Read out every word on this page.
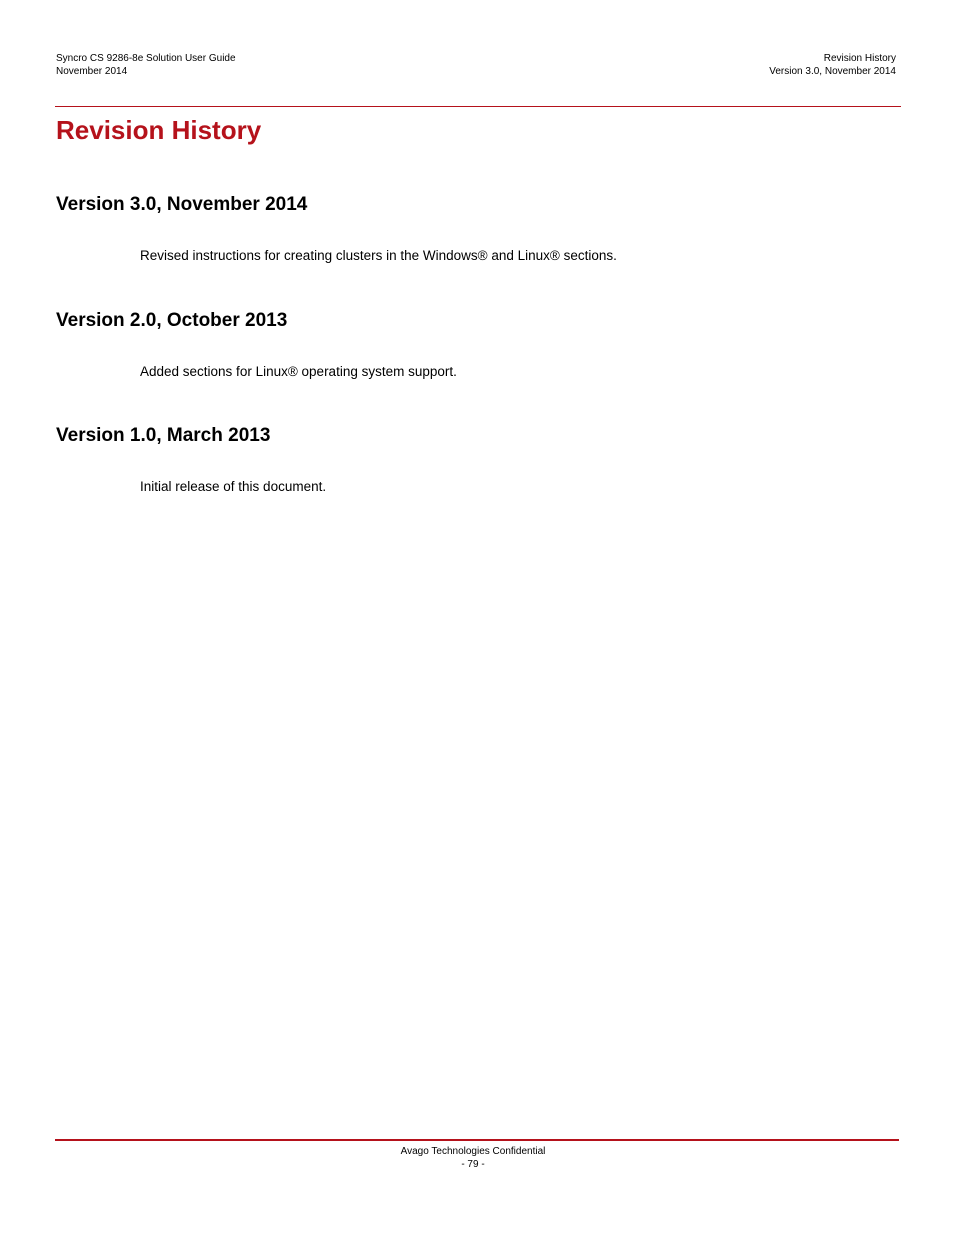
Syncro CS 9286-8e Solution User Guide
November 2014
Revision History
Version 3.0, November 2014
Revision History
Version 3.0, November 2014

Revised instructions for creating clusters in the Windows® and Linux® sections.

Version 2.0, October 2013

Added sections for Linux® operating system support.

Version 1.0, March 2013

Initial release of this document.

Avago Technologies Confidential
- 79 -
